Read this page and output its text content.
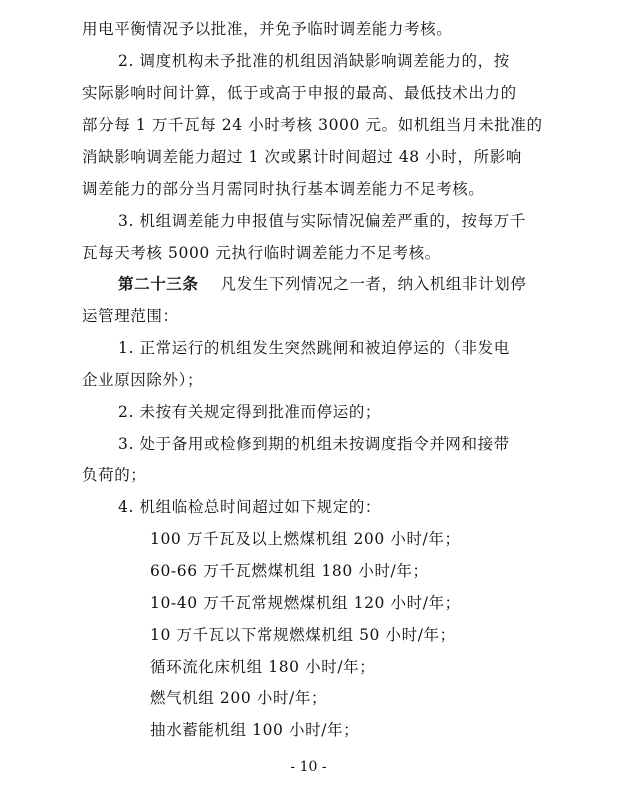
用电平衡情况予以批准，并免予临时调差能力考核。
2. 调度机构未予批准的机组因消缺影响调差能力的，按
实际影响时间计算，低于或高于申报的最高、最低技术出力的
部分每 1 万千瓦每 24 小时考核 3000 元。如机组当月未批准的
消缺影响调差能力超过 1 次或累计时间超过 48 小时，所影响
调差能力的部分当月需同时执行基本调差能力不足考核。
3. 机组调差能力申报值与实际情况偏差严重的，按每万千
瓦每天考核 5000 元执行临时调差能力不足考核。
第二十三条 凡发生下列情况之一者，纳入机组非计划停
运管理范围：
1. 正常运行的机组发生突然跳闸和被迫停运的（非发电
企业原因除外）；
2. 未按有关规定得到批准而停运的；
3. 处于备用或检修到期的机组未按调度指令并网和接带
负荷的；
4. 机组临检总时间超过如下规定的：
100 万千瓦及以上燃煤机组 200 小时/年；
60-66 万千瓦燃煤机组 180 小时/年；
10-40 万千瓦常规燃煤机组 120 小时/年；
10 万千瓦以下常规燃煤机组 50 小时/年；
循环流化床机组 180 小时/年；
燃气机组 200 小时/年；
抽水蓄能机组 100 小时/年；
- 10 -
